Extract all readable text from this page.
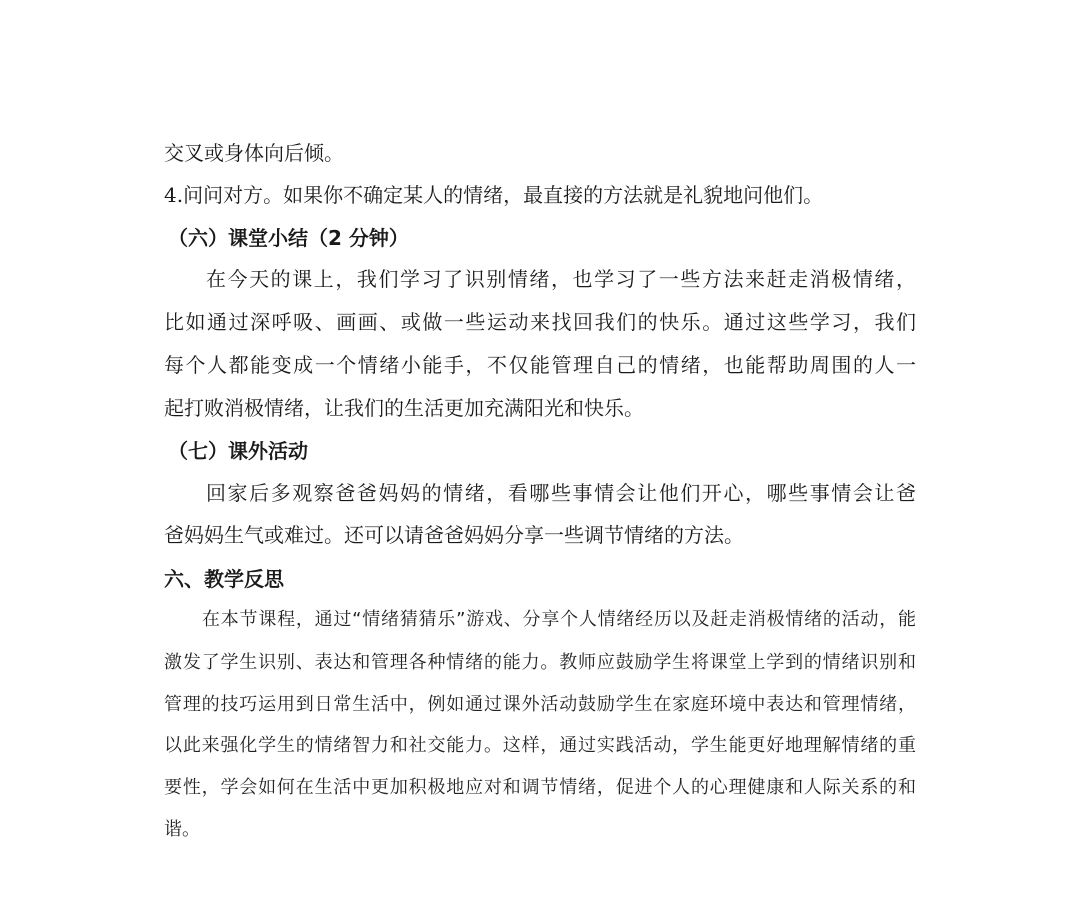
交叉或身体向后倾。
4.问问对方。如果你不确定某人的情绪，最直接的方法就是礼貌地问他们。
（六）课堂小结（2 分钟）
在今天的课上，我们学习了识别情绪，也学习了一些方法来赶走消极情绪，
比如通过深呼吸、画画、或做一些运动来找回我们的快乐。通过这些学习，我们
每个人都能变成一个情绪小能手，不仅能管理自己的情绪，也能帮助周围的人一
起打败消极情绪，让我们的生活更加充满阳光和快乐。
（七）课外活动
回家后多观察爸爸妈妈的情绪，看哪些事情会让他们开心，哪些事情会让爸
爸妈妈生气或难过。还可以请爸爸妈妈分享一些调节情绪的方法。
六、教学反思
在本节课程，通过“情绪猜猜乐”游戏、分享个人情绪经历以及赶走消极情绪的活动，能
激发了学生识别、表达和管理各种情绪的能力。教师应鼓励学生将课堂上学到的情绪识别和
管理的技巧运用到日常生活中，例如通过课外活动鼓励学生在家庭环境中表达和管理情绪，
以此来强化学生的情绪智力和社交能力。这样，通过实践活动，学生能更好地理解情绪的重
要性，学会如何在生活中更加积极地应对和调节情绪，促进个人的心理健康和人际关系的和
谐。
